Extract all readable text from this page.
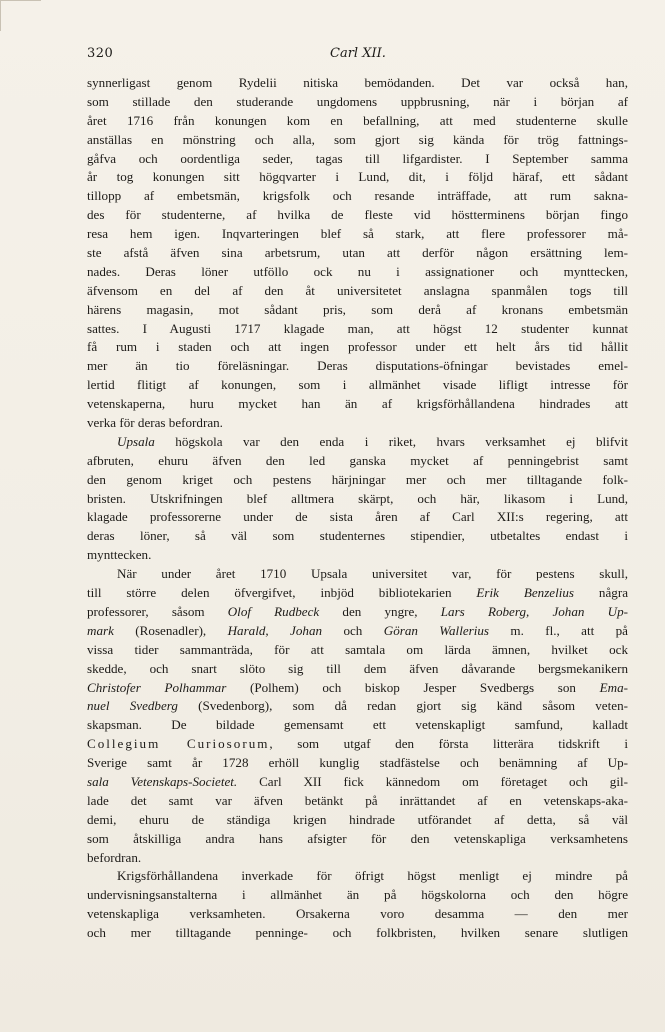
320	Carl XII.
synnerligast genom Rydelii nitiska bemödanden. Det var också han,
som stillade den studerande ungdomens uppbrusning, när i början af
året 1716 från konungen kom en befallning, att med studenterne skulle
anställas en mönstring och alla, som gjort sig kända för trög fattnings-
gåfva och oordentliga seder, tagas till lifgardister. I September samma
år tog konungen sitt högqvarter i Lund, dit, i följd häraf, ett sådant
tillopp af embetsmän, krigsfolk och resande inträffade, att rum sakna-
des för studenterne, af hvilka de fleste vid höstterminens början fingo
resa hem igen. Inqvarteringen blef så stark, att flere professorer må-
ste afstå äfven sina arbetsrum, utan att derför någon ersättning lem-
nades. Deras löner utföllo ock nu i assignationer och mynttecken,
äfvensom en del af den åt universitetet anslagna spanmålen togs till
härens magasin, mot sådant pris, som derå af kronans embetsmän
sattes. I Augusti 1717 klagade man, att högst 12 studenter kunnat
få rum i staden och att ingen professor under ett helt års tid hållit
mer än tio föreläsningar. Deras disputations-öfningar bevistades emel-
lertid flitigt af konungen, som i allmänhet visade lifligt intresse för
vetenskaperna, huru mycket han än af krigsförhållandena hindrades att
verka för deras befordran.
Upsala högskola var den enda i riket, hvars verksamhet ej blifvit
afbruten, ehuru äfven den led ganska mycket af penningebrist samt
den genom kriget och pestens härjningar mer och mer tilltagande folk-
bristen. Utskrifningen blef alltmera skärpt, och här, likasom i Lund,
klagade professorerne under de sista åren af Carl XII:s regering, att
deras löner, så väl som studenternes stipendier, utbetaltes endast i
mynttecken.
När under året 1710 Upsala universitet var, för pestens skull,
till större delen öfvergifvet, inbjöd bibliotekarien Erik Benzelius några
professorer, såsom Olof Rudbeck den yngre, Lars Roberg, Johan Up-
mark (Rosenadler), Harald, Johan och Göran Wallerius m. fl., att på
vissa tider sammanträda, för att samtala om lärda ämnen, hvilket ock
skedde, och snart slöto sig till dem äfven dåvarande bergsmekanikern
Christofer Polhammar (Polhem) och biskop Jesper Svedbergs son Ema-
nuel Svedberg (Svedenborg), som då redan gjort sig känd såsom veten-
skapsman. De bildade gemensamt ett vetenskapligt samfund, kalladt
Collegium Curiosorum, som utgaf den första litterära tidskrift i
Sverige samt år 1728 erhöll kunglig stadfästelse och benämning af Up-
sala Vetenskaps-Societet. Carl XII fick kännedom om företaget och gil-
lade det samt var äfven betänkt på inrättandet af en vetenskaps-aka-
demi, ehuru de ständiga krigen hindrade utförandet af detta, så väl
som åtskilliga andra hans afsigter för den vetenskapliga verksamhetens
befordran.
Krigsförhållandena inverkade för öfrigt högst menligt ej mindre på
undervisningsanstalterna i allmänhet än på högskolorna och den högre
vetenskapliga verksamheten. Orsakerna voro desamma — den mer
och mer tilltagande penninge- och folkbristen, hvilken senare slutligen
